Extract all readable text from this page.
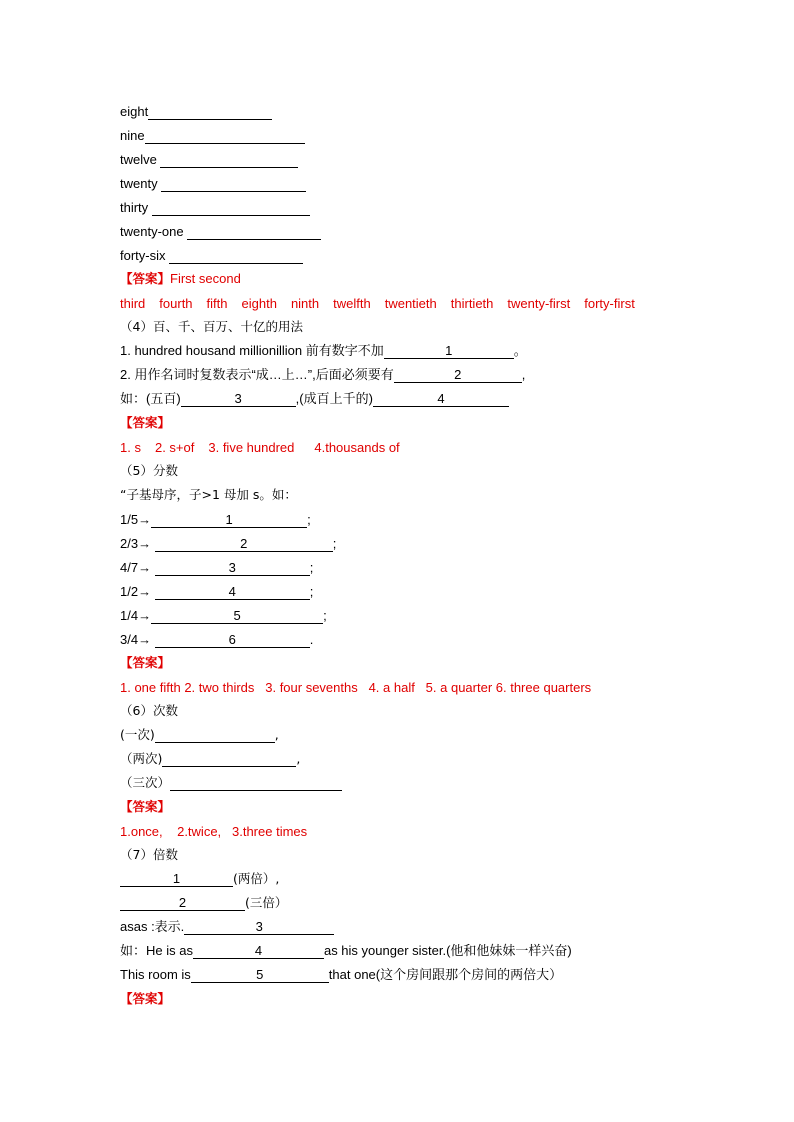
eight
nine
twelve
twenty
thirty
twenty-one
forty-six
【答案】First second
third fourth fifth eighth ninth twelfth twentieth thirtieth twenty-first forty-first
（4）百、千、百万、十亿的用法
1. hundred housand millionillion 前有数字不加	1	。
2. 用作名词时复数表示“成…上…”,后面必须要有	2	,
如：(五百)	3	,(成百上千的)	4
【答案】
1. s 2. s+of 3. five hundred 4.thousands of
（5）分数
“子基母序，子>1 母加 s。如：
1/5→	1	;
2/3→	2	;
4/7→	3	;
1/2→	4	;
1/4→	5	;
3/4→	6	.
【答案】
1. one fifth 2. two thirds   3. four sevenths   4. a half   5. a quarter 6. three quarters
（6）次数
(一次)	,
（两次)	,
（三次）
【答案】
1.once,    2.twice,   3.three times
（7）倍数
1	(两倍）,
2	(三倍）
asas :表示.	3
如：He is as	4	as his younger sister.(他和他妹妹一样兴奋)
This room is	5	that one(这个房间跟那个房间的两倍大）
【答案】
